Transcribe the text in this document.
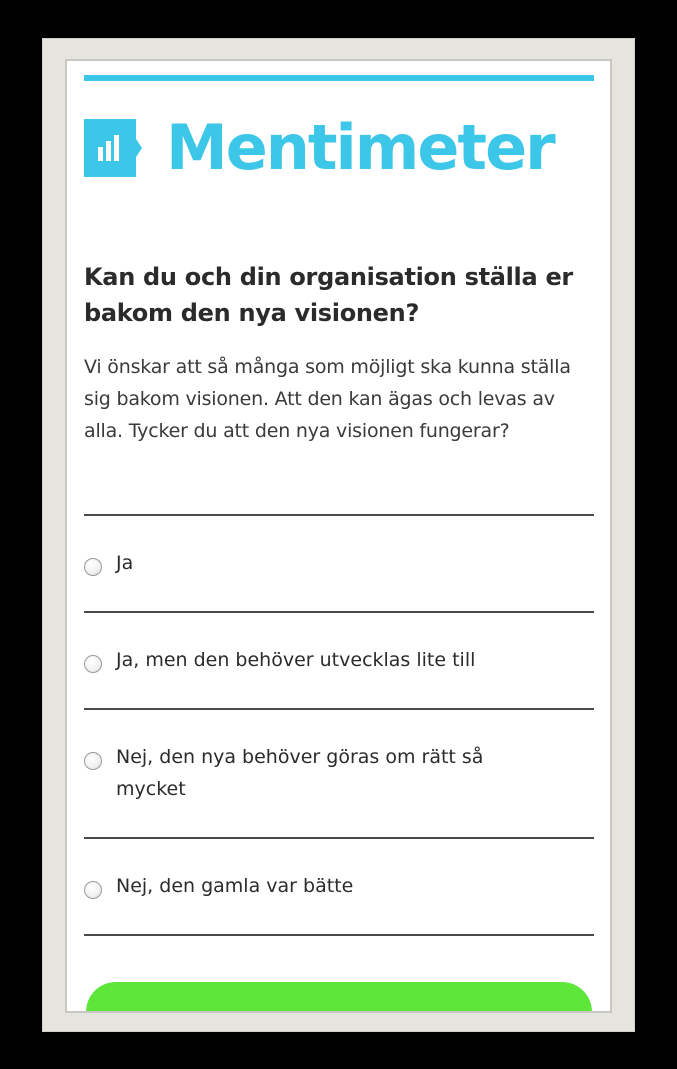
Mentimeter
Kan du och din organisation ställa er bakom den nya visionen?
Vi önskar att så många som möjligt ska kunna ställa sig bakom visionen. Att den kan ägas och levas av alla. Tycker du att den nya visionen fungerar?
Ja
Ja, men den behöver utvecklas lite till
Nej, den nya behöver göras om rätt så mycket
Nej, den gamla var bätte
